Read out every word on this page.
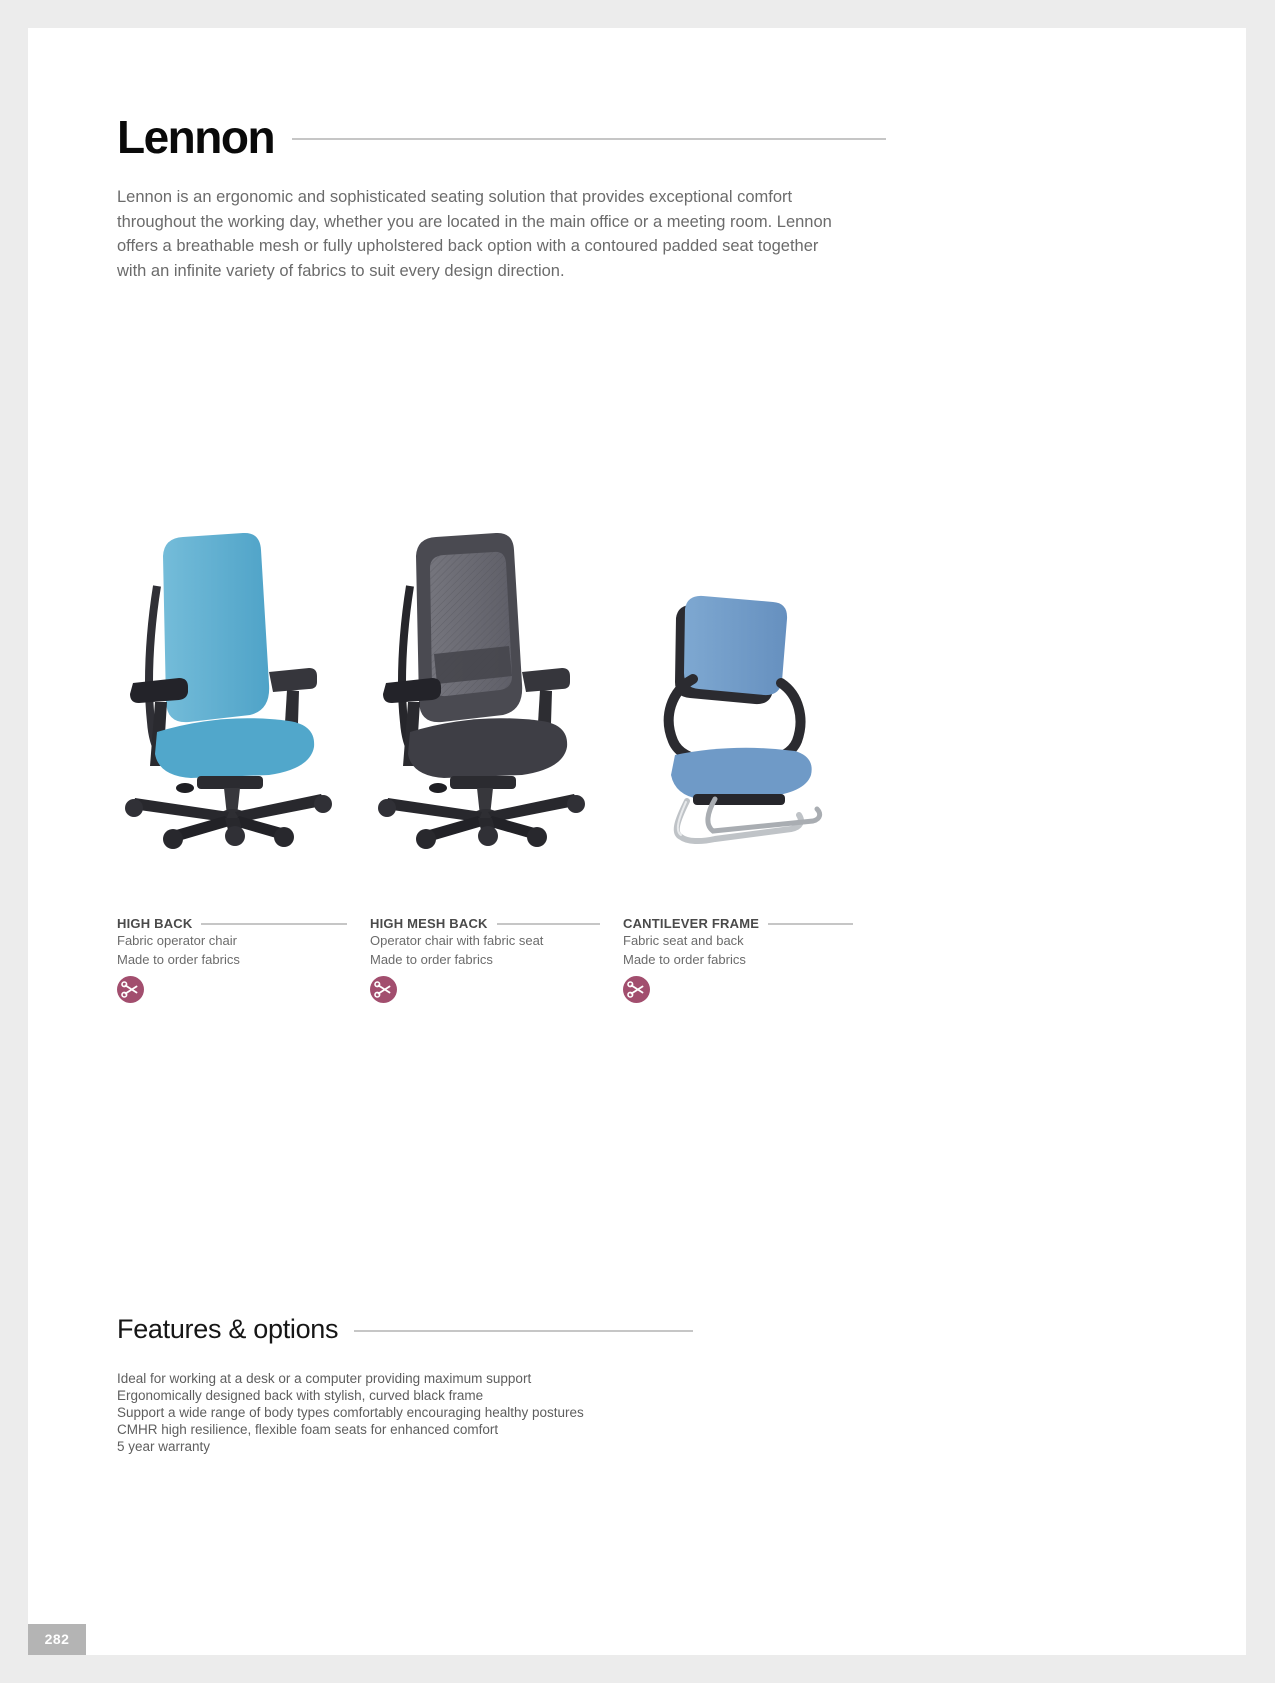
Lennon

Lennon is an ergonomic and sophisticated seating solution that provides exceptional comfort throughout the working day, whether you are located in the main office or a meeting room. Lennon offers a breathable mesh or fully upholstered back option with a contoured padded seat together with an infinite variety of fabrics to suit every design direction.

HIGH BACK
Fabric operator chair
Made to order fabrics
HIGH MESH BACK
Operator chair with fabric seat
Made to order fabrics
CANTILEVER FRAME
Fabric seat and back
Made to order fabrics
Features & options
Ideal for working at a desk or a computer providing maximum support
Ergonomically designed back with stylish, curved black frame
Support a wide range of body types comfortably encouraging healthy postures
CMHR high resilience, flexible foam seats for enhanced comfort
5 year warranty
282
